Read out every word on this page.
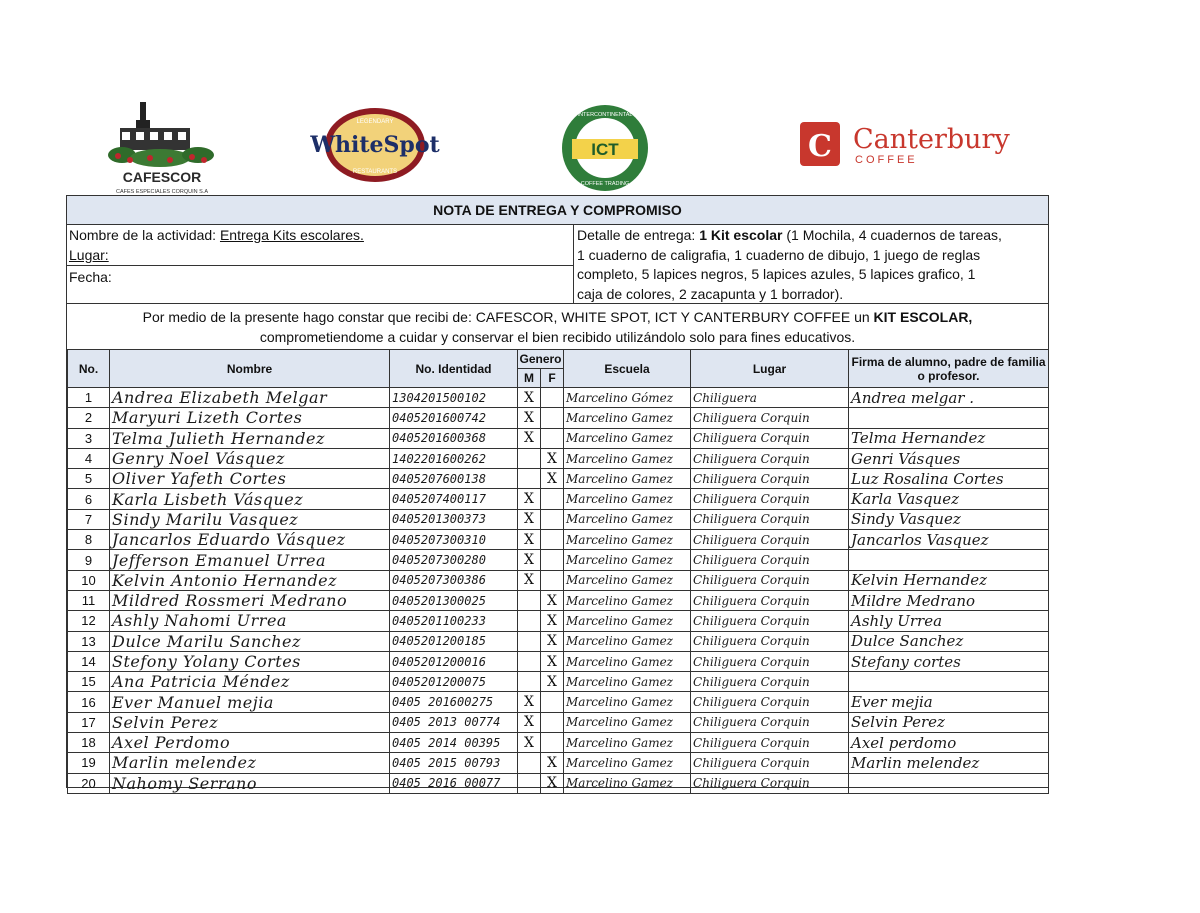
CAFESCOR
CAFES ESPECIALES CORQUIN S.A
LEGENDARY
RESTAURANTS
WhiteSpot	ICT
INTERCONTINENTAL
COFFEE TRADING
C Canterbury
COFFEE
NOTA DE ENTREGA Y COMPROMISO
Nombre de la actividad: Entrega Kits escolares.
Lugar:
Fecha:
Detalle de entrega: 1 Kit escolar (1 Mochila, 4 cuadernos de tareas,
1 cuaderno de caligrafia, 1 cuaderno de dibujo, 1 juego de reglas
completo, 5 lapices negros, 5 lapices azules, 5 lapices grafico, 1
caja de colores, 2 zacapunta y 1 borrador).
Por medio de la presente hago constar que recibi de: CAFESCOR, WHITE SPOT, ICT Y CANTERBURY COFFEE un KIT ESCOLAR,
comprometiendome a cuidar y conservar el bien recibido utilizándolo solo para fines educativos.
No.	Nombre	No. Identidad	Genero		Escuela	Lugar	Firma de alumno, padre de familia o profesor.
			M	F			
1	Andrea Elizabeth Melgar	1304201500102	X		Marcelino Gómez	Chiliguera	Andrea melgar .
2	Maryuri Lizeth Cortes	0405201600742	X		Marcelino Gamez	Chiliguera Corquin	
3	Telma Julieth Hernandez	0405201600368	X		Marcelino Gamez	Chiliguera Corquin	Telma Hernandez
4	Genry Noel Vásquez	1402201600262		X	Marcelino Gamez	Chiliguera Corquin	Genri Vásques
5	Oliver Yafeth Cortes	0405207600138		X	Marcelino Gamez	Chiliguera Corquin	Luz Rosalina Cortes
6	Karla Lisbeth Vásquez	0405207400117	X		Marcelino Gamez	Chiliguera Corquin	Karla Vasquez
7	Sindy Marilu Vasquez	0405201300373	X		Marcelino Gamez	Chiliguera Corquin	Sindy Vasquez
8	Jancarlos Eduardo Vásquez	0405207300310	X		Marcelino Gamez	Chiliguera Corquin	Jancarlos Vasquez
9	Jefferson Emanuel Urrea	0405207300280	X		Marcelino Gamez	Chiliguera Corquin	
10	Kelvin Antonio Hernandez	0405207300386	X		Marcelino Gamez	Chiliguera Corquin	Kelvin Hernandez
11	Mildred Rossmeri Medrano	0405201300025		X	Marcelino Gamez	Chiliguera Corquin	Mildre Medrano
12	Ashly Nahomi Urrea	0405201100233		X	Marcelino Gamez	Chiliguera Corquin	Ashly Urrea
13	Dulce Marilu Sanchez	0405201200185		X	Marcelino Gamez	Chiliguera Corquin	Dulce Sanchez
14	Stefony Yolany Cortes	0405201200016		X	Marcelino Gamez	Chiliguera Corquin	Stefany cortes
15	Ana Patricia Méndez	0405201200075		X	Marcelino Gamez	Chiliguera Corquin	
16	Ever Manuel mejia	0405 201600275	X		Marcelino Gamez	Chiliguera Corquin	Ever mejia
17	Selvin Perez	0405 2013 00774	X		Marcelino Gamez	Chiliguera Corquin	Selvin Perez
18	Axel Perdomo	0405 2014 00395	X		Marcelino Gamez	Chiliguera Corquin	Axel perdomo
19	Marlin melendez	0405 2015 00793		X	Marcelino Gamez	Chiliguera Corquin	Marlin melendez
20	Nahomy Serrano	0405 2016 00077		X	Marcelino Gamez	Chiliguera Corquin	
